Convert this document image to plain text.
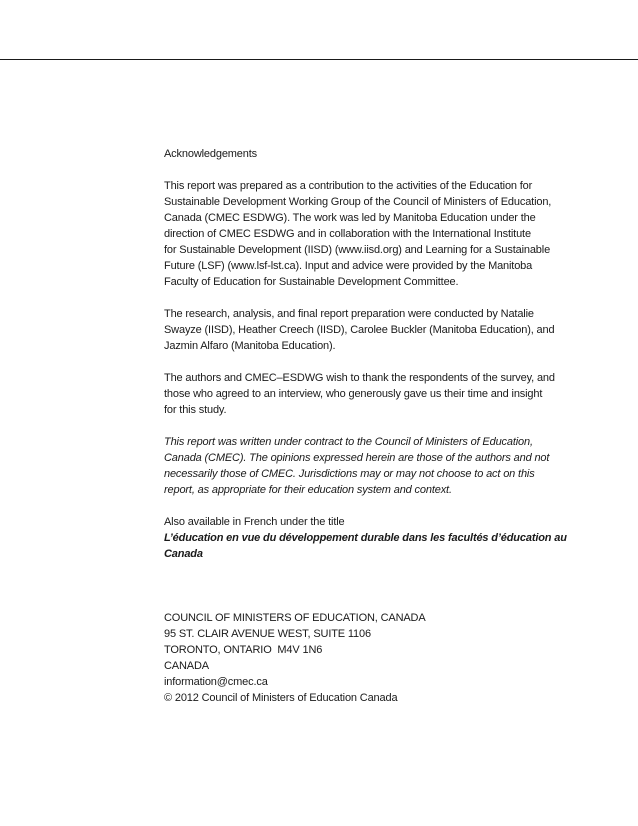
Acknowledgements

This report was prepared as a contribution to the activities of the Education for
Sustainable Development Working Group of the Council of Ministers of Education,
Canada (CMEC ESDWG). The work was led by Manitoba Education under the
direction of CMEC ESDWG and in collaboration with the International Institute
for Sustainable Development (IISD) (www.iisd.org) and Learning for a Sustainable
Future (LSF) (www.lsf-lst.ca). Input and advice were provided by the Manitoba
Faculty of Education for Sustainable Development Committee.

The research, analysis, and final report preparation were conducted by Natalie
Swayze (IISD), Heather Creech (IISD), Carolee Buckler (Manitoba Education), and
Jazmin Alfaro (Manitoba Education).

The authors and CMEC–ESDWG wish to thank the respondents of the survey, and
those who agreed to an interview, who generously gave us their time and insight
for this study.

This report was written under contract to the Council of Ministers of Education,
Canada (CMEC). The opinions expressed herein are those of the authors and not
necessarily those of CMEC. Jurisdictions may or may not choose to act on this
report, as appropriate for their education system and context.

Also available in French under the title
L’éducation en vue du développement durable dans les facultés d’éducation au
Canada

COUNCIL OF MINISTERS OF EDUCATION, CANADA
95 ST. CLAIR AVENUE WEST, SUITE 1106
TORONTO, ONTARIO  M4V 1N6
CANADA
information@cmec.ca

© 2012 Council of Ministers of Education Canada
